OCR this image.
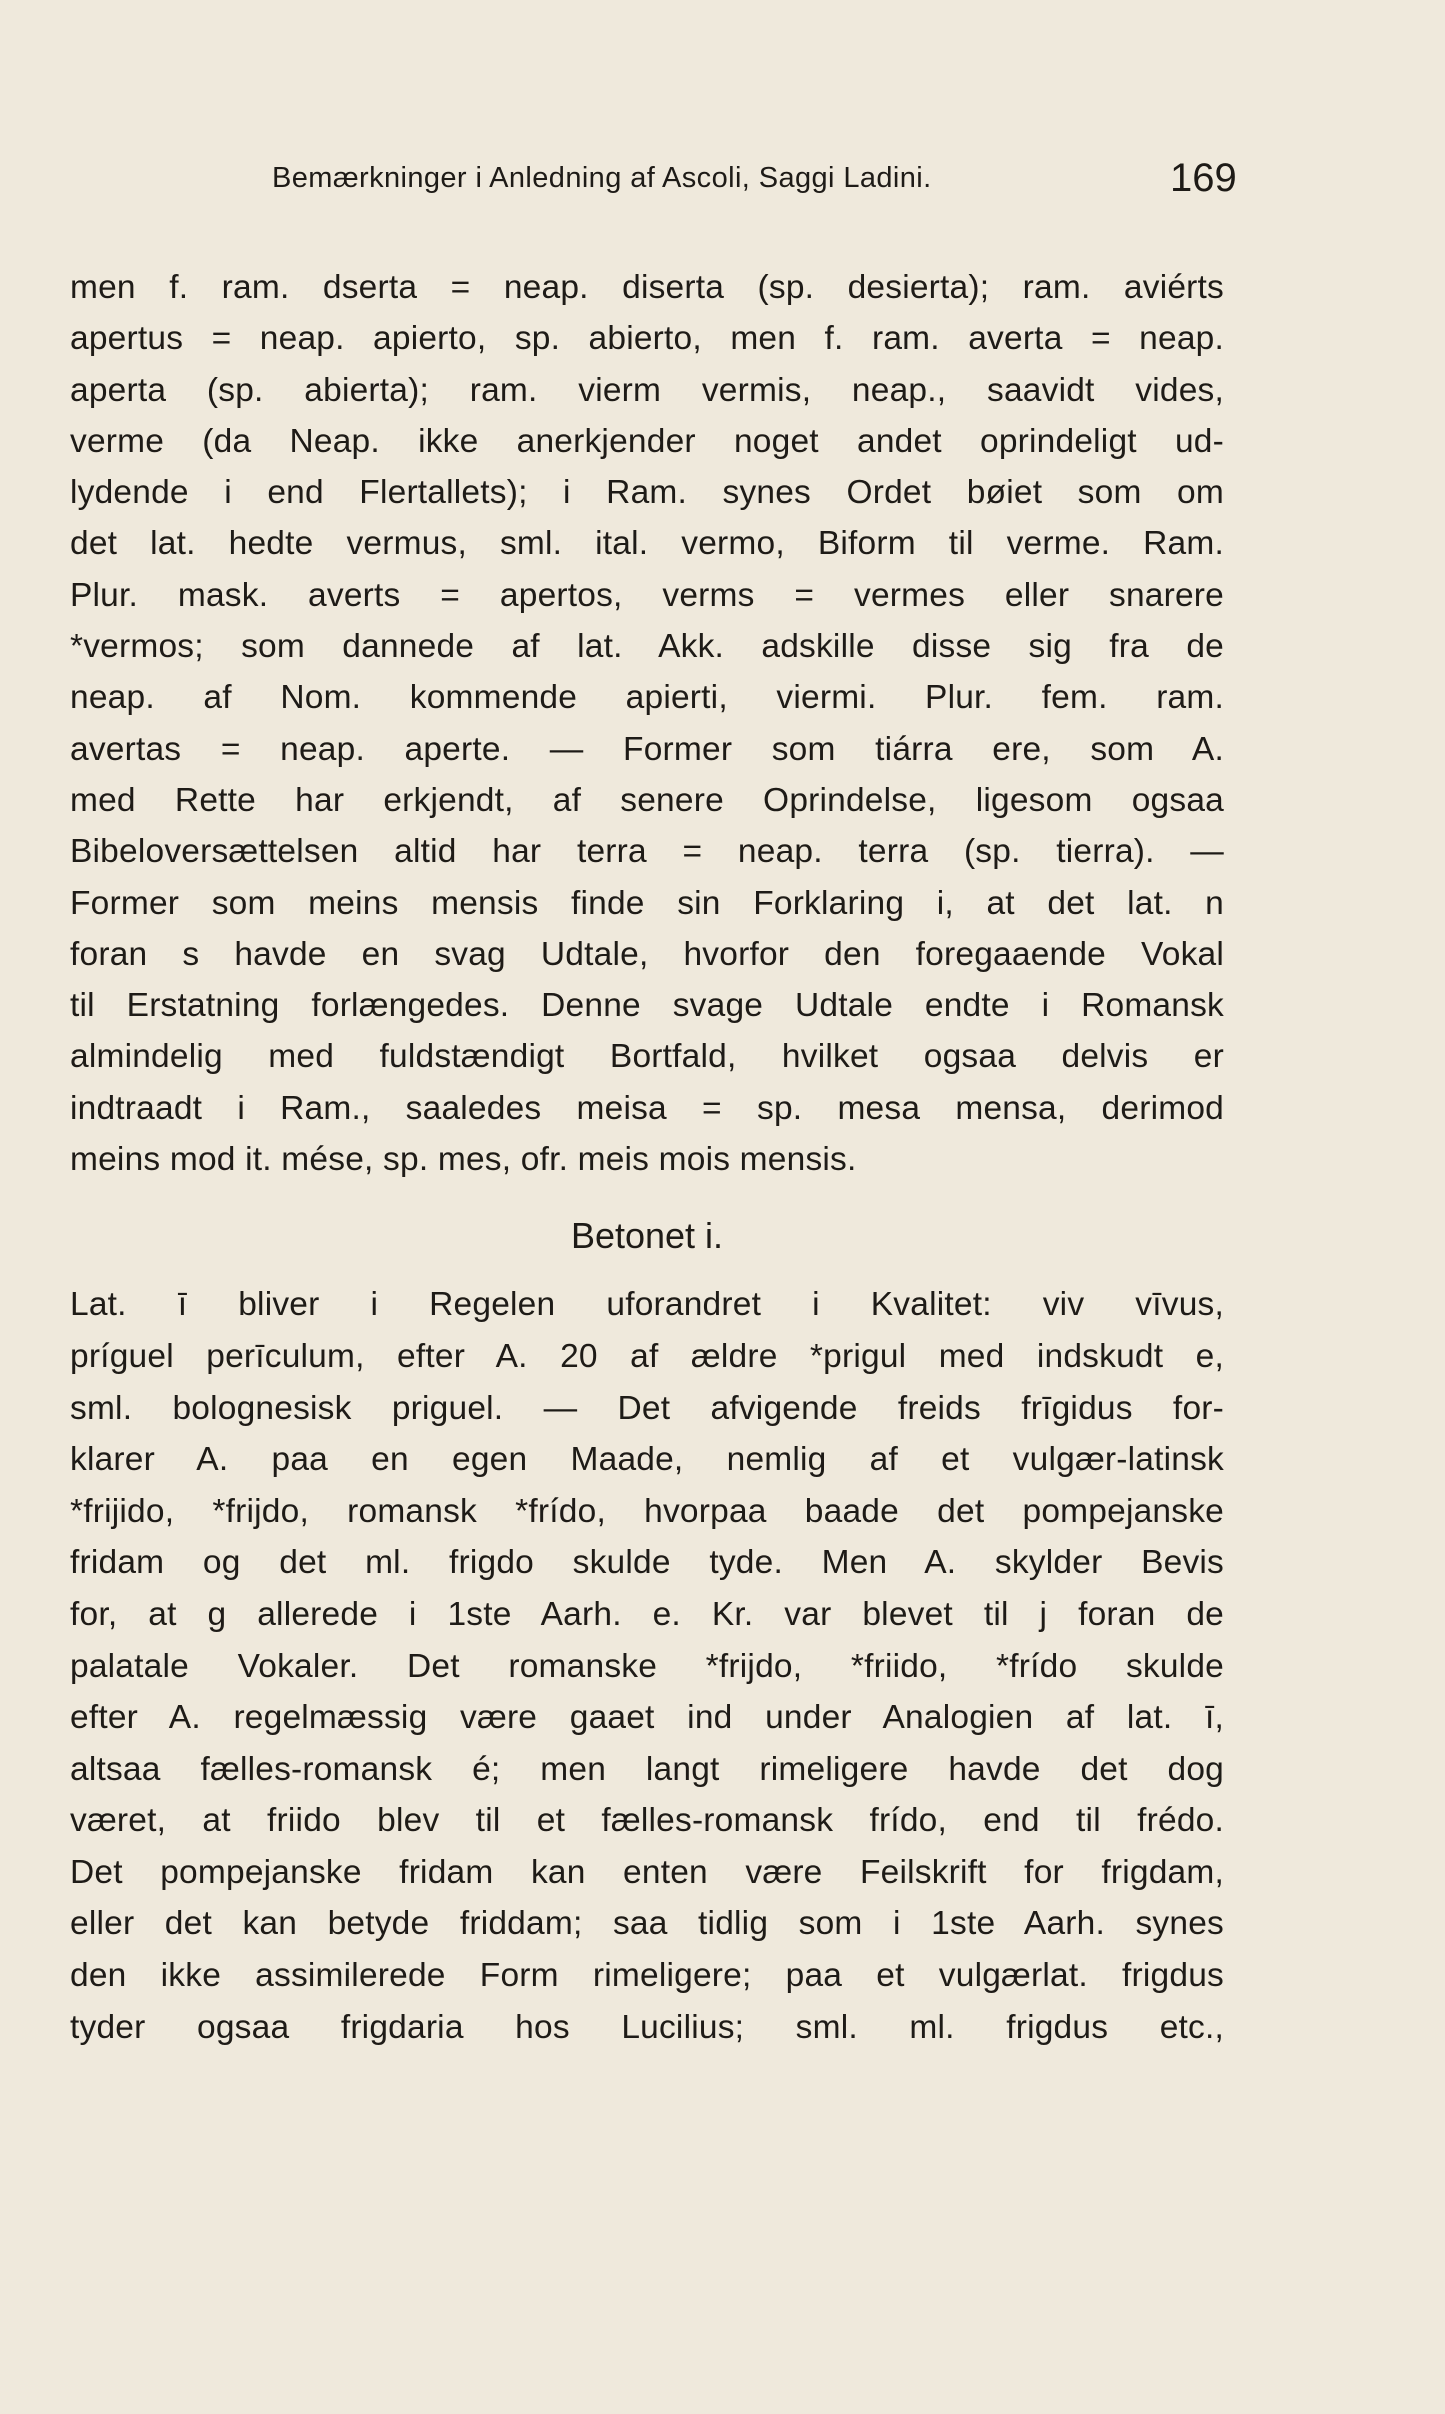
Bemærkninger i Anledning af Ascoli, Saggi Ladini.	169
men f. ram. dserta = neap. diserta (sp. desierta); ram. aviérts
apertus = neap. apierto, sp. abierto, men f. ram. averta = neap.
aperta (sp. abierta); ram. vierm vermis, neap., saavidt vides,
verme (da Neap. ikke anerkjender noget andet oprindeligt ud-
lydende i end Flertallets); i Ram. synes Ordet bøiet som om
det lat. hedte vermus, sml. ital. vermo, Biform til verme. Ram.
Plur. mask. averts = apertos, verms = vermes eller snarere
*vermos; som dannede af lat. Akk. adskille disse sig fra de
neap. af Nom. kommende apierti, viermi. Plur. fem. ram.
avertas = neap. aperte. — Former som tiárra ere, som A.
med Rette har erkjendt, af senere Oprindelse, ligesom ogsaa
Bibeloversættelsen altid har terra = neap. terra (sp. tierra). —
Former som meins mensis finde sin Forklaring i, at det lat. n
foran s havde en svag Udtale, hvorfor den foregaaende Vokal
til Erstatning forlængedes. Denne svage Udtale endte i Romansk
almindelig med fuldstændigt Bortfald, hvilket ogsaa delvis er
indtraadt i Ram., saaledes meisa = sp. mesa mensa, derimod
meins mod it. mése, sp. mes, ofr. meis mois mensis.
Betonet i.
Lat. ī bliver i Regelen uforandret i Kvalitet: viv vīvus,
príguel perīculum, efter A. 20 af ældre *prigul med indskudt e,
sml. bolognesisk priguel. — Det afvigende freids frīgidus for-
klarer A. paa en egen Maade, nemlig af et vulgær-latinsk
*frijido, *frijdo, romansk *frído, hvorpaa baade det pompejanske
fridam og det ml. frigdo skulde tyde. Men A. skylder Bevis
for, at g allerede i 1ste Aarh. e. Kr. var blevet til j foran de
palatale Vokaler. Det romanske *frijdo, *friido, *frído skulde
efter A. regelmæssig være gaaet ind under Analogien af lat. ī,
altsaa fælles-romansk é; men langt rimeligere havde det dog
været, at friido blev til et fælles-romansk frído, end til frédo.
Det pompejanske fridam kan enten være Feilskrift for frigdam,
eller det kan betyde friddam; saa tidlig som i 1ste Aarh. synes
den ikke assimilerede Form rimeligere; paa et vulgærlat. frigdus
tyder ogsaa frigdaria hos Lucilius; sml. ml. frigdus etc.,
